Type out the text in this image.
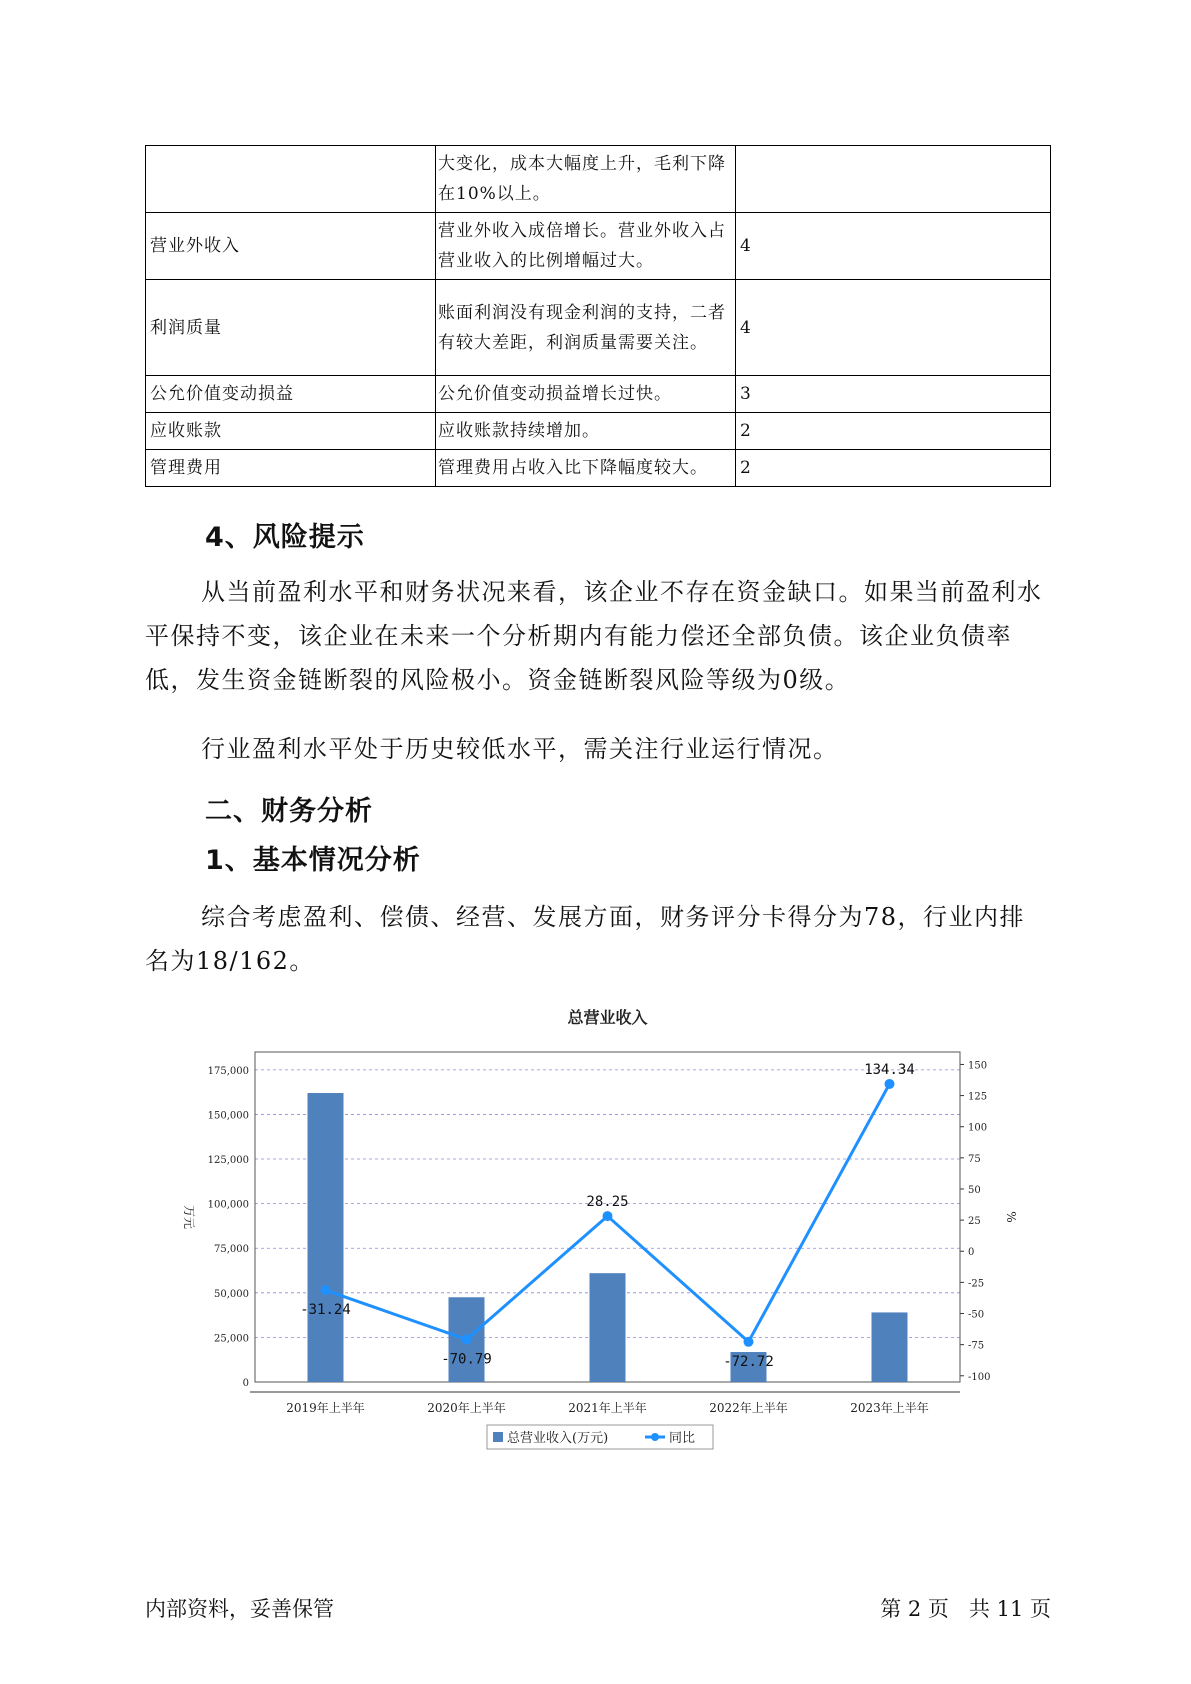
	大变化，成本大幅度上升，毛利下降在10%以上。	
营业外收入	营业外收入成倍增长。营业外收入占营业收入的比例增幅过大。	4
利润质量	账面利润没有现金利润的支持，二者有较大差距，利润质量需要关注。	4
公允价值变动损益	公允价值变动损益增长过快。	3
应收账款	应收账款持续增加。	2
管理费用	管理费用占收入比下降幅度较大。	2
4、风险提示

从当前盈利水平和财务状况来看，该企业不存在资金缺口。如果当前盈利水平保持不变，该企业在未来一个分析期内有能力偿还全部负债。该企业负债率低，发生资金链断裂的风险极小。资金链断裂风险等级为0级。

行业盈利水平处于历史较低水平，需关注行业运行情况。

二、财务分析
1、基本情况分析

综合考虑盈利、偿债、经营、发展方面，财务评分卡得分为78，行业内排名为18/162。

总营业收入
0
25,000
50,000
75,000
100,000
125,000
150,000
175,000
-100
-75
-50
-25
0
25
50
75
100
125
150
-31.24
-70.79
28.25
-72.72
134.34
2019年上半年	2020年上半年	2021年上半年	2022年上半年	2023年上半年
万元	%
总营业收入(万元)	同比
内部资料，妥善保管	第 2 页   共 11 页
